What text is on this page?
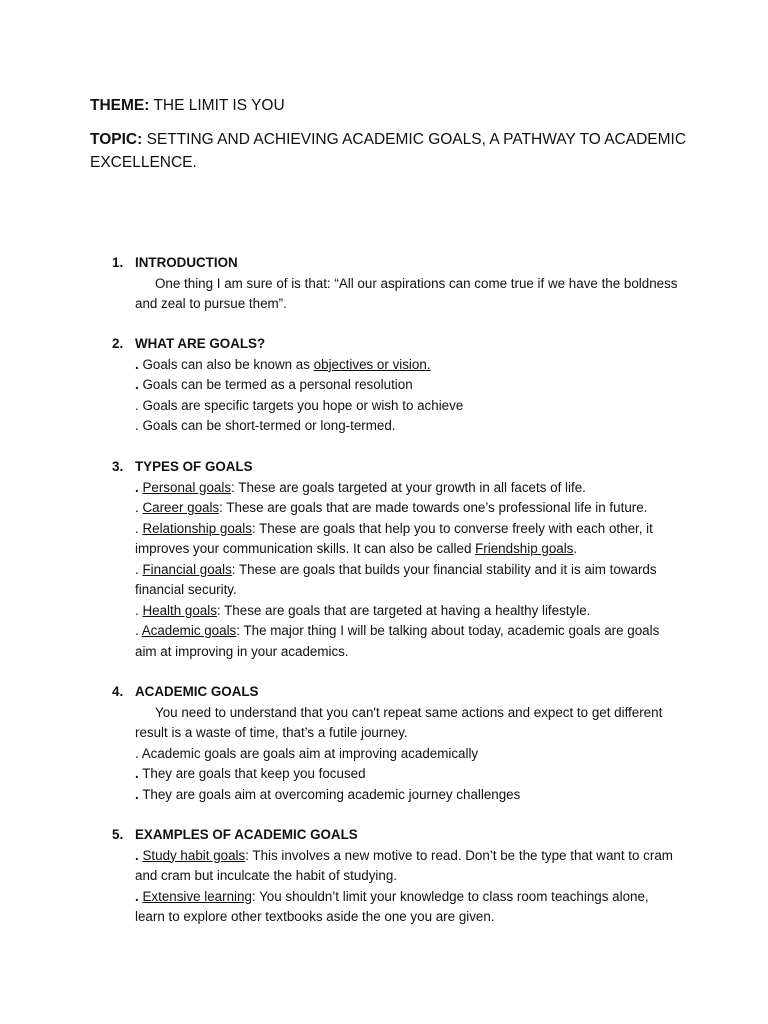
THEME: THE LIMIT IS YOU
TOPIC: SETTING AND ACHIEVING ACADEMIC GOALS, A PATHWAY TO ACADEMIC EXCELLENCE.
1. INTRODUCTION
One thing I am sure of is that: “All our aspirations can come true if we have the boldness and zeal to pursue them”.
2. WHAT ARE GOALS?
. Goals can also be known as objectives or vision.
. Goals can be termed as a personal resolution
. Goals are specific targets you hope or wish to achieve
. Goals can be short-termed or long-termed.
3. TYPES OF GOALS
. Personal goals: These are goals targeted at your growth in all facets of life.
. Career goals: These are goals that are made towards one’s professional life in future.
. Relationship goals: These are goals that help you to converse freely with each other, it improves your communication skills. It can also be called Friendship goals.
. Financial goals: These are goals that builds your financial stability and it is aim towards financial security.
. Health goals: These are goals that are targeted at having a healthy lifestyle.
. Academic goals: The major thing I will be talking about today, academic goals are goals aim at improving in your academics.
4. ACADEMIC GOALS
You need to understand that you can't repeat same actions and expect to get different result is a waste of time, that’s a futile journey.
. Academic goals are goals aim at improving academically
. They are goals that keep you focused
. They are goals aim at overcoming academic journey challenges
5. EXAMPLES OF ACADEMIC GOALS
. Study habit goals: This involves a new motive to read. Don’t be the type that want to cram and cram but inculcate the habit of studying.
. Extensive learning: You shouldn’t limit your knowledge to class room teachings alone, learn to explore other textbooks aside the one you are given.
